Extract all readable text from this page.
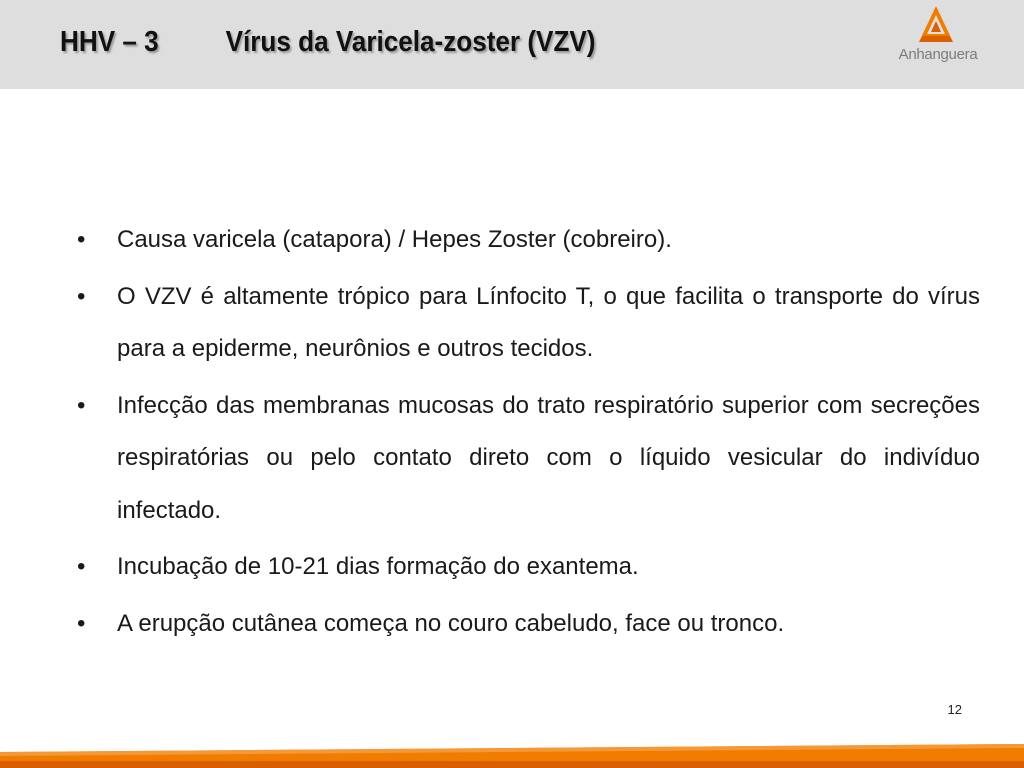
HHV – 3 Vírus da Varicela-zoster (VZV)	Anhanguera
•	Causa varicela (catapora) / Hepes Zoster (cobreiro).
•	O VZV é altamente trópico para Línfocito T, o que facilita o transporte do vírus para a epiderme, neurônios e outros tecidos.
•	Infecção das membranas mucosas do trato respiratório superior com secreções respiratórias ou pelo contato direto com o líquido vesicular do indivíduo infectado.
•	Incubação de 10-21 dias formação do exantema.
•	A erupção cutânea começa no couro cabeludo, face ou tronco.
12
